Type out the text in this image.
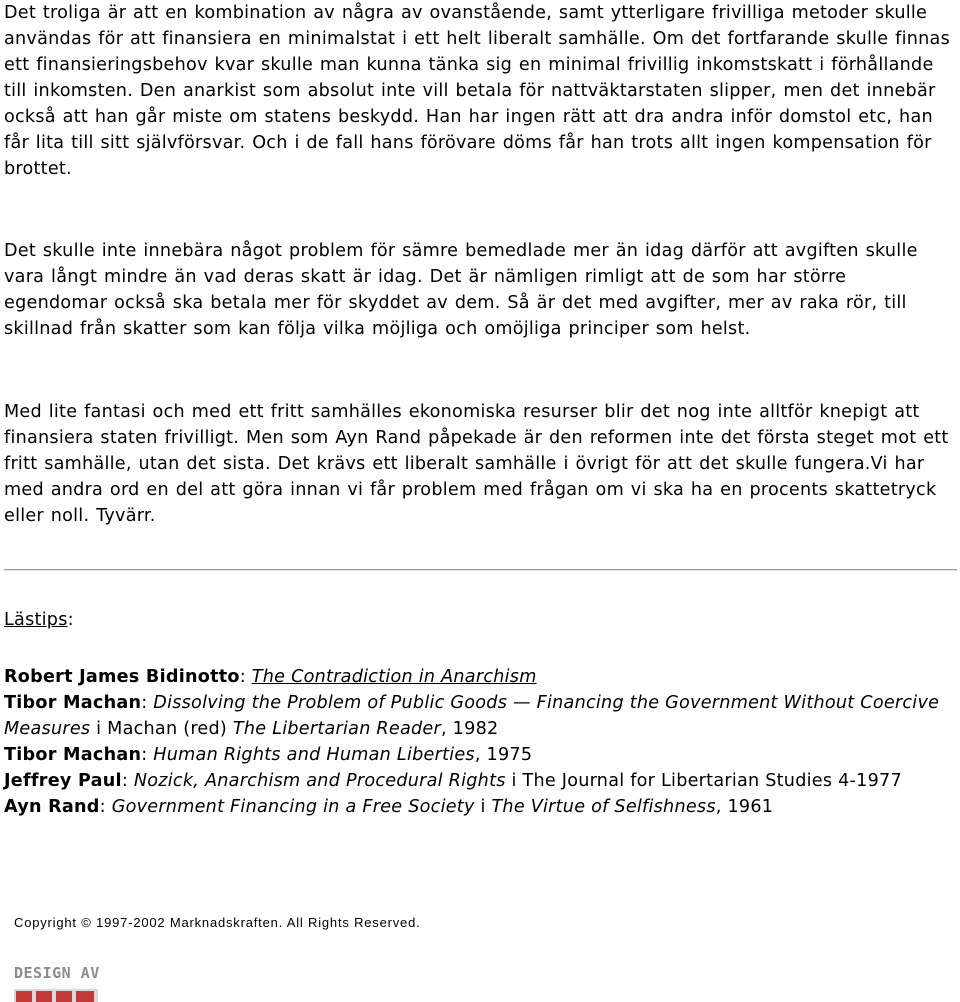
Det troliga är att en kombination av några av ovanstående, samt ytterligare frivilliga metoder skulle användas för att finansiera en minimalstat i ett helt liberalt samhälle. Om det fortfarande skulle finnas ett finansieringsbehov kvar skulle man kunna tänka sig en minimal frivillig inkomstskatt i förhållande till inkomsten. Den anarkist som absolut inte vill betala för nattväktarstaten slipper, men det innebär också att han går miste om statens beskydd. Han har ingen rätt att dra andra inför domstol etc, han får lita till sitt självförsvar. Och i de fall hans förövare döms får han trots allt ingen kompensation för brottet.

Det skulle inte innebära något problem för sämre bemedlade mer än idag därför att avgiften skulle vara långt mindre än vad deras skatt är idag. Det är nämligen rimligt att de som har större egendomar också ska betala mer för skyddet av dem. Så är det med avgifter, mer av raka rör, till skillnad från skatter som kan följa vilka möjliga och omöjliga principer som helst.

Med lite fantasi och med ett fritt samhälles ekonomiska resurser blir det nog inte alltför knepigt att finansiera staten frivilligt. Men som Ayn Rand påpekade är den reformen inte det första steget mot ett fritt samhälle, utan det sista. Det krävs ett liberalt samhälle i övrigt för att det skulle fungera.Vi har med andra ord en del att göra innan vi får problem med frågan om vi ska ha en procents skattetryck eller noll. Tyvärr.

Lästips:
Robert James Bidinotto: The Contradiction in Anarchism
Tibor Machan: Dissolving the Problem of Public Goods — Financing the Government Without Coercive Measures i Machan (red) The Libertarian Reader, 1982
Tibor Machan: Human Rights and Human Liberties, 1975
Jeffrey Paul: Nozick, Anarchism and Procedural Rights i The Journal for Libertarian Studies 4-1977
Ayn Rand: Government Financing in a Free Society i The Virtue of Selfishness, 1961
Copyright © 1997-2002 Marknadskraften. All Rights Reserved.
DESIGN AV
